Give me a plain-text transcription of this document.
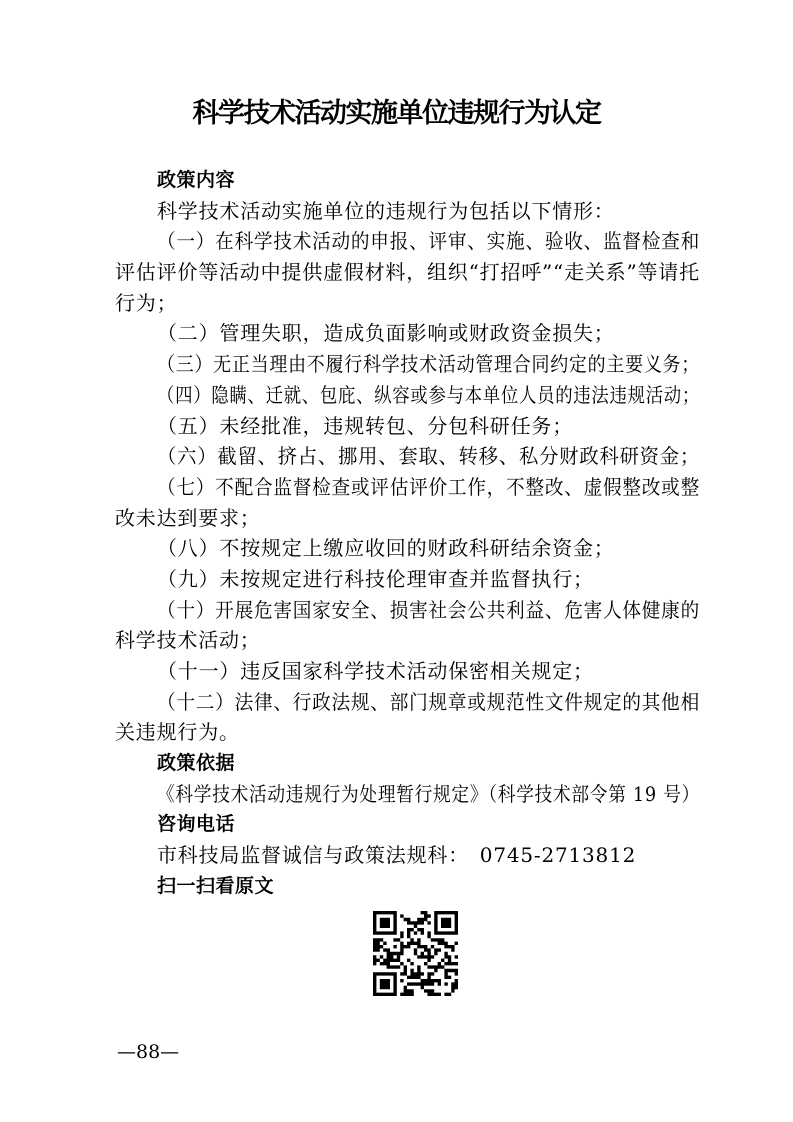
科学技术活动实施单位违规行为认定
政策内容
科学技术活动实施单位的违规行为包括以下情形：
（一）在科学技术活动的申报、评审、实施、验收、监督检查和
评估评价等活动中提供虚假材料，组织“打招呼”“走关系”等请托
行为；
（二）管理失职，造成负面影响或财政资金损失；
（三）无正当理由不履行科学技术活动管理合同约定的主要义务；
（四）隐瞒、迁就、包庇、纵容或参与本单位人员的违法违规活动；
（五）未经批准，违规转包、分包科研任务；
（六）截留、挤占、挪用、套取、转移、私分财政科研资金；
（七）不配合监督检查或评估评价工作，不整改、虚假整改或整
改未达到要求；
（八）不按规定上缴应收回的财政科研结余资金；
（九）未按规定进行科技伦理审查并监督执行；
（十）开展危害国家安全、损害社会公共利益、危害人体健康的
科学技术活动；
（十一）违反国家科学技术活动保密相关规定；
（十二）法律、行政法规、部门规章或规范性文件规定的其他相
关违规行为。
政策依据
《科学技术活动违规行为处理暂行规定》（科学技术部令第 19 号）
咨询电话
市科技局监督诚信与政策法规科：　0745-2713812
扫一扫看原文
—88—
